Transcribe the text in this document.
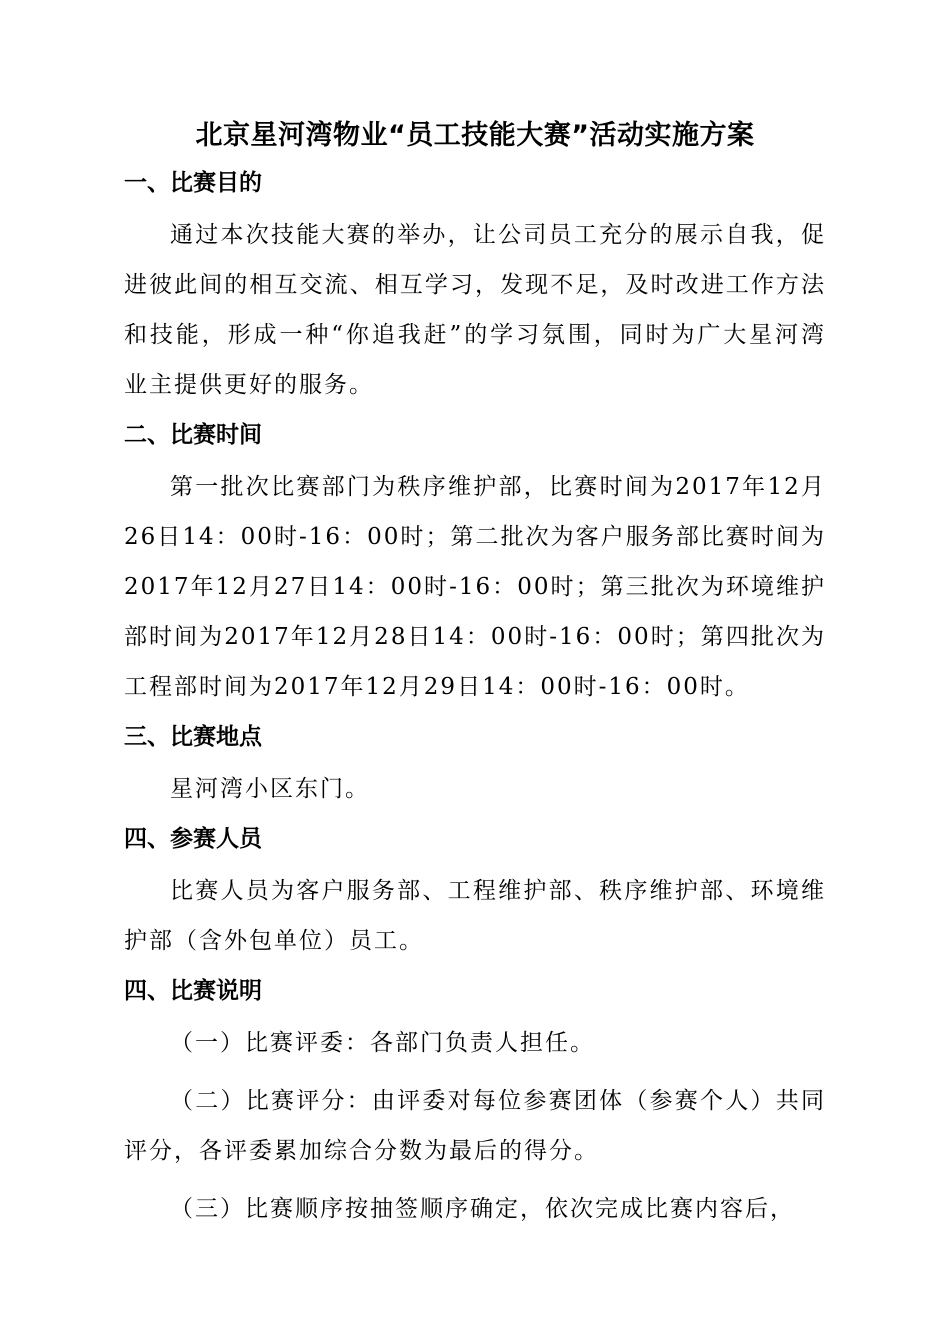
北京星河湾物业“员工技能大赛”活动实施方案
一、比赛目的

通过本次技能大赛的举办，让公司员工充分的展示自我，促进彼此间的相互交流、相互学习，发现不足，及时改进工作方法和技能，形成一种“你追我赶”的学习氛围，同时为广大星河湾业主提供更好的服务。

二、比赛时间

第一批次比赛部门为秩序维护部，比赛时间为2017年12月26日14：00时-16：00时；第二批次为客户服务部比赛时间为2017年12月27日14：00时-16：00时；第三批次为环境维护部时间为2017年12月28日14：00时-16：00时；第四批次为工程部时间为2017年12月29日14：00时-16：00时。

三、比赛地点

星河湾小区东门。

四、参赛人员

比赛人员为客户服务部、工程维护部、秩序维护部、环境维护部（含外包单位）员工。

四、比赛说明

（一）比赛评委：各部门负责人担任。

（二）比赛评分：由评委对每位参赛团体（参赛个人）共同评分，各评委累加综合分数为最后的得分。

（三）比赛顺序按抽签顺序确定，依次完成比赛内容后，
